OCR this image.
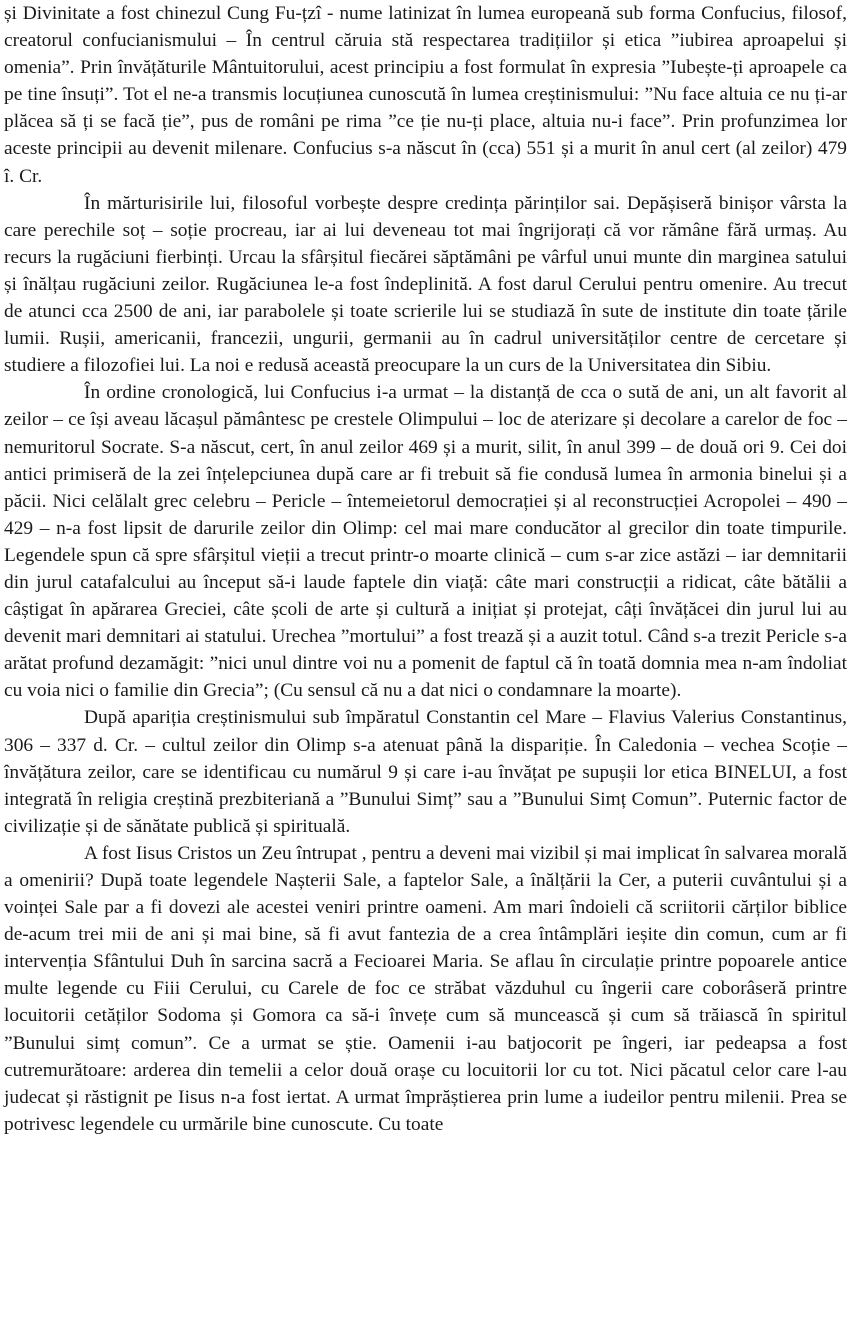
și Divinitate a fost chinezul Cung Fu-țzî - nume latinizat în lumea europeană sub forma Confucius, filosof, creatorul confucianismului – În centrul căruia stă respectarea tradițiilor și etica ”iubirea aproapelui și omenia”. Prin învățăturile Mântuitorului, acest principiu a fost formulat în expresia ”Iubește-ți aproapele ca pe tine însuți”. Tot el ne-a transmis locuțiunea cunoscută în lumea creștinismului: ”Nu face altuia ce nu ți-ar plăcea să ți se facă ție”, pus de români pe rima ”ce ție nu-ți place, altuia nu-i face”. Prin profunzimea lor aceste principii au devenit milenare. Confucius s-a născut în (cca) 551 și a murit în anul cert (al zeilor) 479 î. Cr.

În mărturisirile lui, filosoful vorbește despre credința părinților sai. Depășiseră binișor vârsta la care perechile soț – soție procreau, iar ai lui deveneau tot mai îngrijorați că vor rămâne fără urmaș. Au recurs la rugăciuni fierbinți. Urcau la sfârșitul fiecărei săptămâni pe vârful unui munte din marginea satului și înălțau rugăciuni zeilor. Rugăciunea le-a fost îndeplinită. A fost darul Cerului pentru omenire. Au trecut de atunci cca 2500 de ani, iar parabolele și toate scrierile lui se studiază în sute de institute din toate țările lumii. Rușii, americanii, francezii, ungurii, germanii au în cadrul universităților centre de cercetare și studiere a filozofiei lui. La noi e redusă această preocupare la un curs de la Universitatea din Sibiu.

În ordine cronologică, lui Confucius i-a urmat – la distanță de cca o sută de ani, un alt favorit al zeilor – ce își aveau lăcașul pământesc pe crestele Olimpului – loc de aterizare și decolare a carelor de foc – nemuritorul Socrate. S-a născut, cert, în anul zeilor 469 și a murit, silit, în anul 399 – de două ori 9. Cei doi antici primiseră de la zei înțelepciunea după care ar fi trebuit să fie condusă lumea în armonia binelui și a păcii. Nici celălalt grec celebru – Pericle – întemeietorul democrației și al reconstrucției Acropolei – 490 – 429 – n-a fost lipsit de darurile zeilor din Olimp: cel mai mare conducător al grecilor din toate timpurile. Legendele spun că spre sfârșitul vieții a trecut printr-o moarte clinică – cum s-ar zice astăzi – iar demnitarii din jurul catafalcului au început să-i laude faptele din viață: câte mari construcții a ridicat, câte bătălii a câștigat în apărarea Greciei, câte școli de arte și cultură a inițiat și protejat, câți învățăcei din jurul lui au devenit mari demnitari ai statului. Urechea ”mortului” a fost trează și a auzit totul. Când s-a trezit Pericle s-a arătat profund dezamăgit: ”nici unul dintre voi nu a pomenit de faptul că în toată domnia mea n-am îndoliat cu voia nici o familie din Grecia”; (Cu sensul că nu a dat nici o condamnare la moarte).

După apariția creștinismului sub împăratul Constantin cel Mare – Flavius Valerius Constantinus, 306 – 337 d. Cr. – cultul zeilor din Olimp s-a atenuat până la dispariție. În Caledonia – vechea Scoție – învățătura zeilor, care se identificau cu numărul 9 și care i-au învățat pe supușii lor etica BINELUI, a fost integrată în religia creștină prezbiteriană a ”Bunului Simț” sau a ”Bunului Simț Comun”. Puternic factor de civilizație și de sănătate publică și spirituală.

A fost Iisus Cristos un Zeu întrupat , pentru a deveni mai vizibil și mai implicat în salvarea morală a omenirii? După toate legendele Nașterii Sale, a faptelor Sale, a înălțării la Cer, a puterii cuvântului și a voinței Sale par a fi dovezi ale acestei veniri printre oameni. Am mari îndoieli că scriitorii cărților biblice de-acum trei mii de ani și mai bine, să fi avut fantezia de a crea întâmplări ieșite din comun, cum ar fi intervenția Sfântului Duh în sarcina sacră a Fecioarei Maria. Se aflau în circulație printre popoarele antice multe legende cu Fiii Cerului, cu Carele de foc ce străbat văzduhul cu îngerii care coborâseră printre locuitorii cetăților Sodoma și Gomora ca să-i învețe cum să muncească și cum să trăiască în spiritul ”Bunului simț comun”. Ce a urmat se știe. Oamenii i-au batjocorit pe îngeri, iar pedeapsa a fost cutremurătoare: arderea din temelii a celor două orașe cu locuitorii lor cu tot. Nici păcatul celor care l-au judecat și răstignit pe Iisus n-a fost iertat. A urmat împrăștierea prin lume a iudeilor pentru milenii. Prea se potrivesc legendele cu urmările bine cunoscute. Cu toate
